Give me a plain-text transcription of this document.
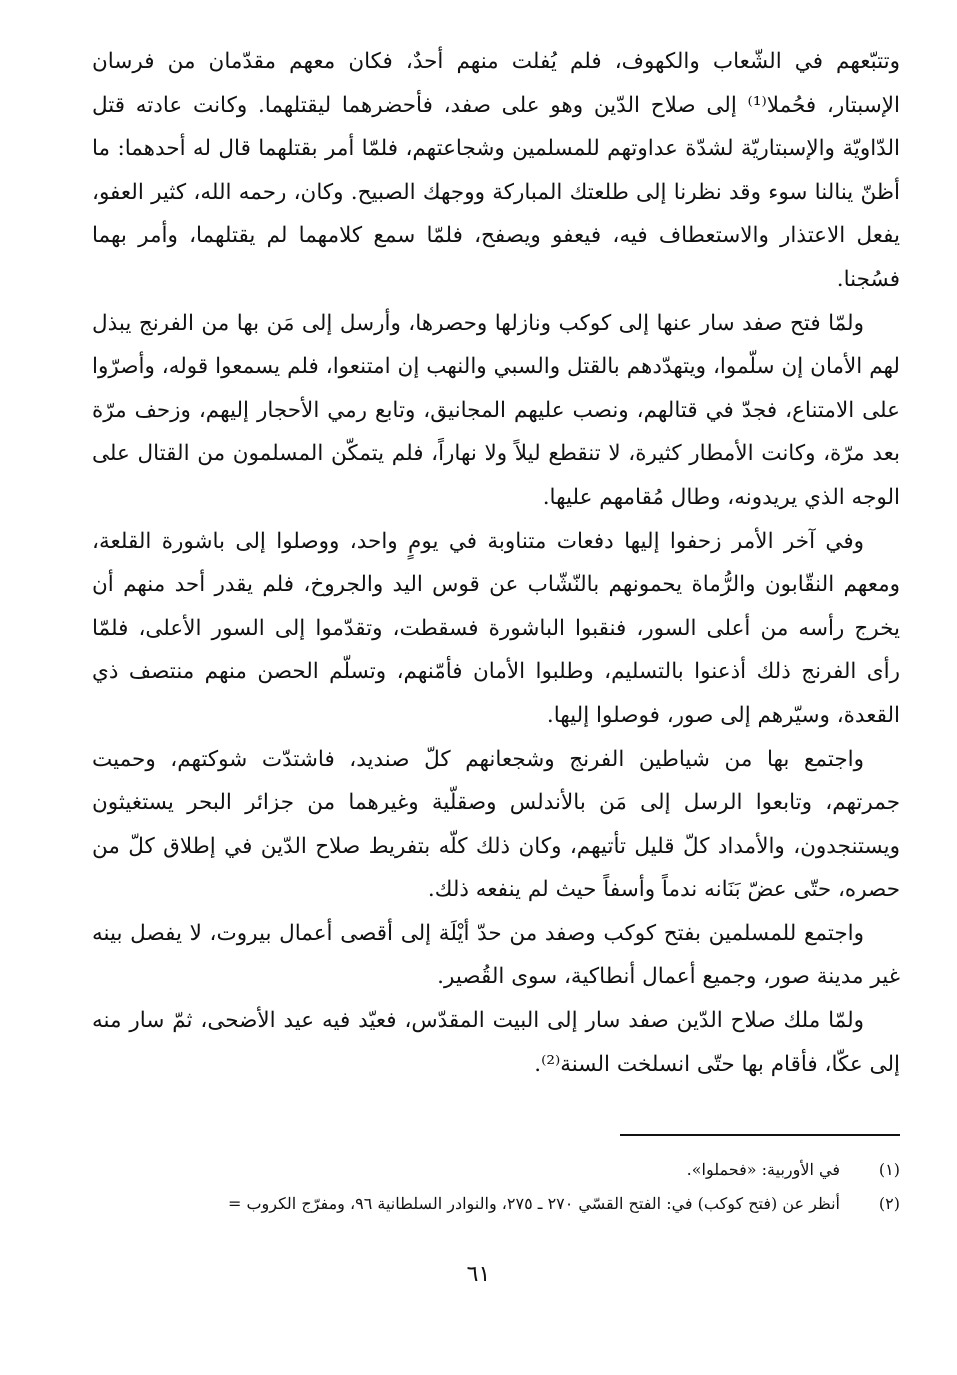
وتتبّعهم في الشّعاب والكهوف، فلم يُفلت منهم أحدٌ، فكان معهم مقدّمان من فرسان الإسبتار، فحُملا⁽¹⁾ إلى صلاح الدّين وهو على صفد، فأحضرهما ليقتلهما. وكانت عادته قتل الدّاويّة والإسبتاريّة لشدّة عداوتهم للمسلمين وشجاعتهم، فلمّا أمر بقتلهما قال له أحدهما: ما أظنّ ينالنا سوء وقد نظرنا إلى طلعتك المباركة ووجهك الصبيح. وكان، رحمه الله، كثير العفو، يفعل الاعتذار والاستعطاف فيه، فيعفو ويصفح، فلمّا سمع كلامهما لم يقتلهما، وأمر بهما فسُجنا.

ولمّا فتح صفد سار عنها إلى كوكب ونازلها وحصرها، وأرسل إلى مَن بها من الفرنج يبذل لهم الأمان إن سلّموا، ويتهدّدهم بالقتل والسبي والنهب إن امتنعوا، فلم يسمعوا قوله، وأصرّوا على الامتناع، فجدّ في قتالهم، ونصب عليهم المجانيق، وتابع رمي الأحجار إليهم، وزحف مرّة بعد مرّة، وكانت الأمطار كثيرة، لا تنقطع ليلاً ولا نهاراً، فلم يتمكّن المسلمون من القتال على الوجه الذي يريدونه، وطال مُقامهم عليها.

وفي آخر الأمر زحفوا إليها دفعات متناوبة في يومٍ واحد، ووصلوا إلى باشورة القلعة، ومعهم النقّابون والرُّماة يحمونهم بالنّشّاب عن قوس اليد والجروخ، فلم يقدر أحد منهم أن يخرج رأسه من أعلى السور، فنقبوا الباشورة فسقطت، وتقدّموا إلى السور الأعلى، فلمّا رأى الفرنج ذلك أذعنوا بالتسليم، وطلبوا الأمان فأمّنهم، وتسلّم الحصن منهم منتصف ذي القعدة، وسيّرهم إلى صور، فوصلوا إليها.

واجتمع بها من شياطين الفرنج وشجعانهم كلّ صنديد، فاشتدّت شوكتهم، وحميت جمرتهم، وتابعوا الرسل إلى مَن بالأندلس وصقلّية وغيرهما من جزائر البحر يستغيثون ويستنجدون، والأمداد كلّ قليل تأتيهم، وكان ذلك كلّه بتفريط صلاح الدّين في إطلاق كلّ من حصره، حتّى عضّ بَنَانه ندماً وأسفاً حيث لم ينفعه ذلك.

واجتمع للمسلمين بفتح كوكب وصفد من حدّ أيْلَة إلى أقصى أعمال بيروت، لا يفصل بينه غير مدينة صور، وجميع أعمال أنطاكية، سوى القُصير.

ولمّا ملك صلاح الدّين صفد سار إلى البيت المقدّس، فعيّد فيه عيد الأضحى، ثمّ سار منه إلى عكّا، فأقام بها حتّى انسلخت السنة⁽²⁾.

(١)
في الأوربية: «فحملوا».
(٢)
أنظر عن (فتح كوكب) في: الفتح القسّي ٢٧٠ ـ ٢٧٥، والنوادر السلطانية ٩٦، ومفرّج الكروب =
٦١
